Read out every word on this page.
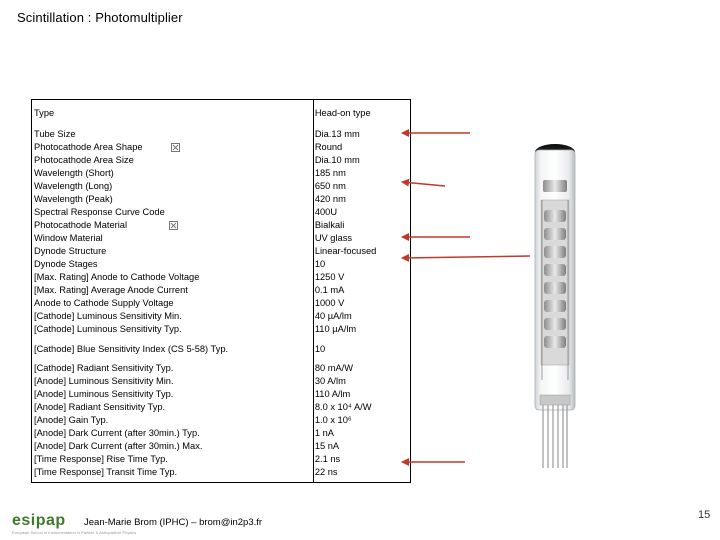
Scintillation : Photomultiplier
Type	Head-on type

Tube Size	Dia.13 mm
Photocathode Area Shape	Round
Photocathode Area Size	Dia.10 mm
Wavelength (Short)	185 nm
Wavelength (Long)	650 nm
Wavelength (Peak)	420 nm
Spectral Response Curve Code	400U
Photocathode Material	Bialkali
Window Material	UV glass
Dynode Structure	Linear-focused
Dynode Stages	10
[Max. Rating] Anode to Cathode Voltage	1250 V
[Max. Rating] Average Anode Current	0.1 mA
Anode to Cathode Supply Voltage	1000 V
[Cathode] Luminous Sensitivity Min.	40 µA/lm
[Cathode] Luminous Sensitivity Typ.	110 µA/lm
[Cathode] Blue Sensitivity Index (CS 5-58) Typ.	10
[Cathode] Radiant Sensitivity Typ.	80 mA/W
[Anode] Luminous Sensitivity Min.	30 A/lm
[Anode] Luminous Sensitivity Typ.	110 A/lm
[Anode] Radiant Sensitivity Typ.	8.0 x 10⁴ A/W
[Anode] Gain Typ.	1.0 x 10⁶
[Anode] Dark Current (after 30min.) Typ.	1 nA
[Anode] Dark Current (after 30min.) Max.	15 nA
[Time Response] Rise Time Typ.	2.1 ns
[Time Response] Transit Time Typ.	22 ns
esipap
European School of Instrumentation in Particle & Astroparticle Physics
Jean-Marie Brom (IPHC) – brom@in2p3.fr
15
